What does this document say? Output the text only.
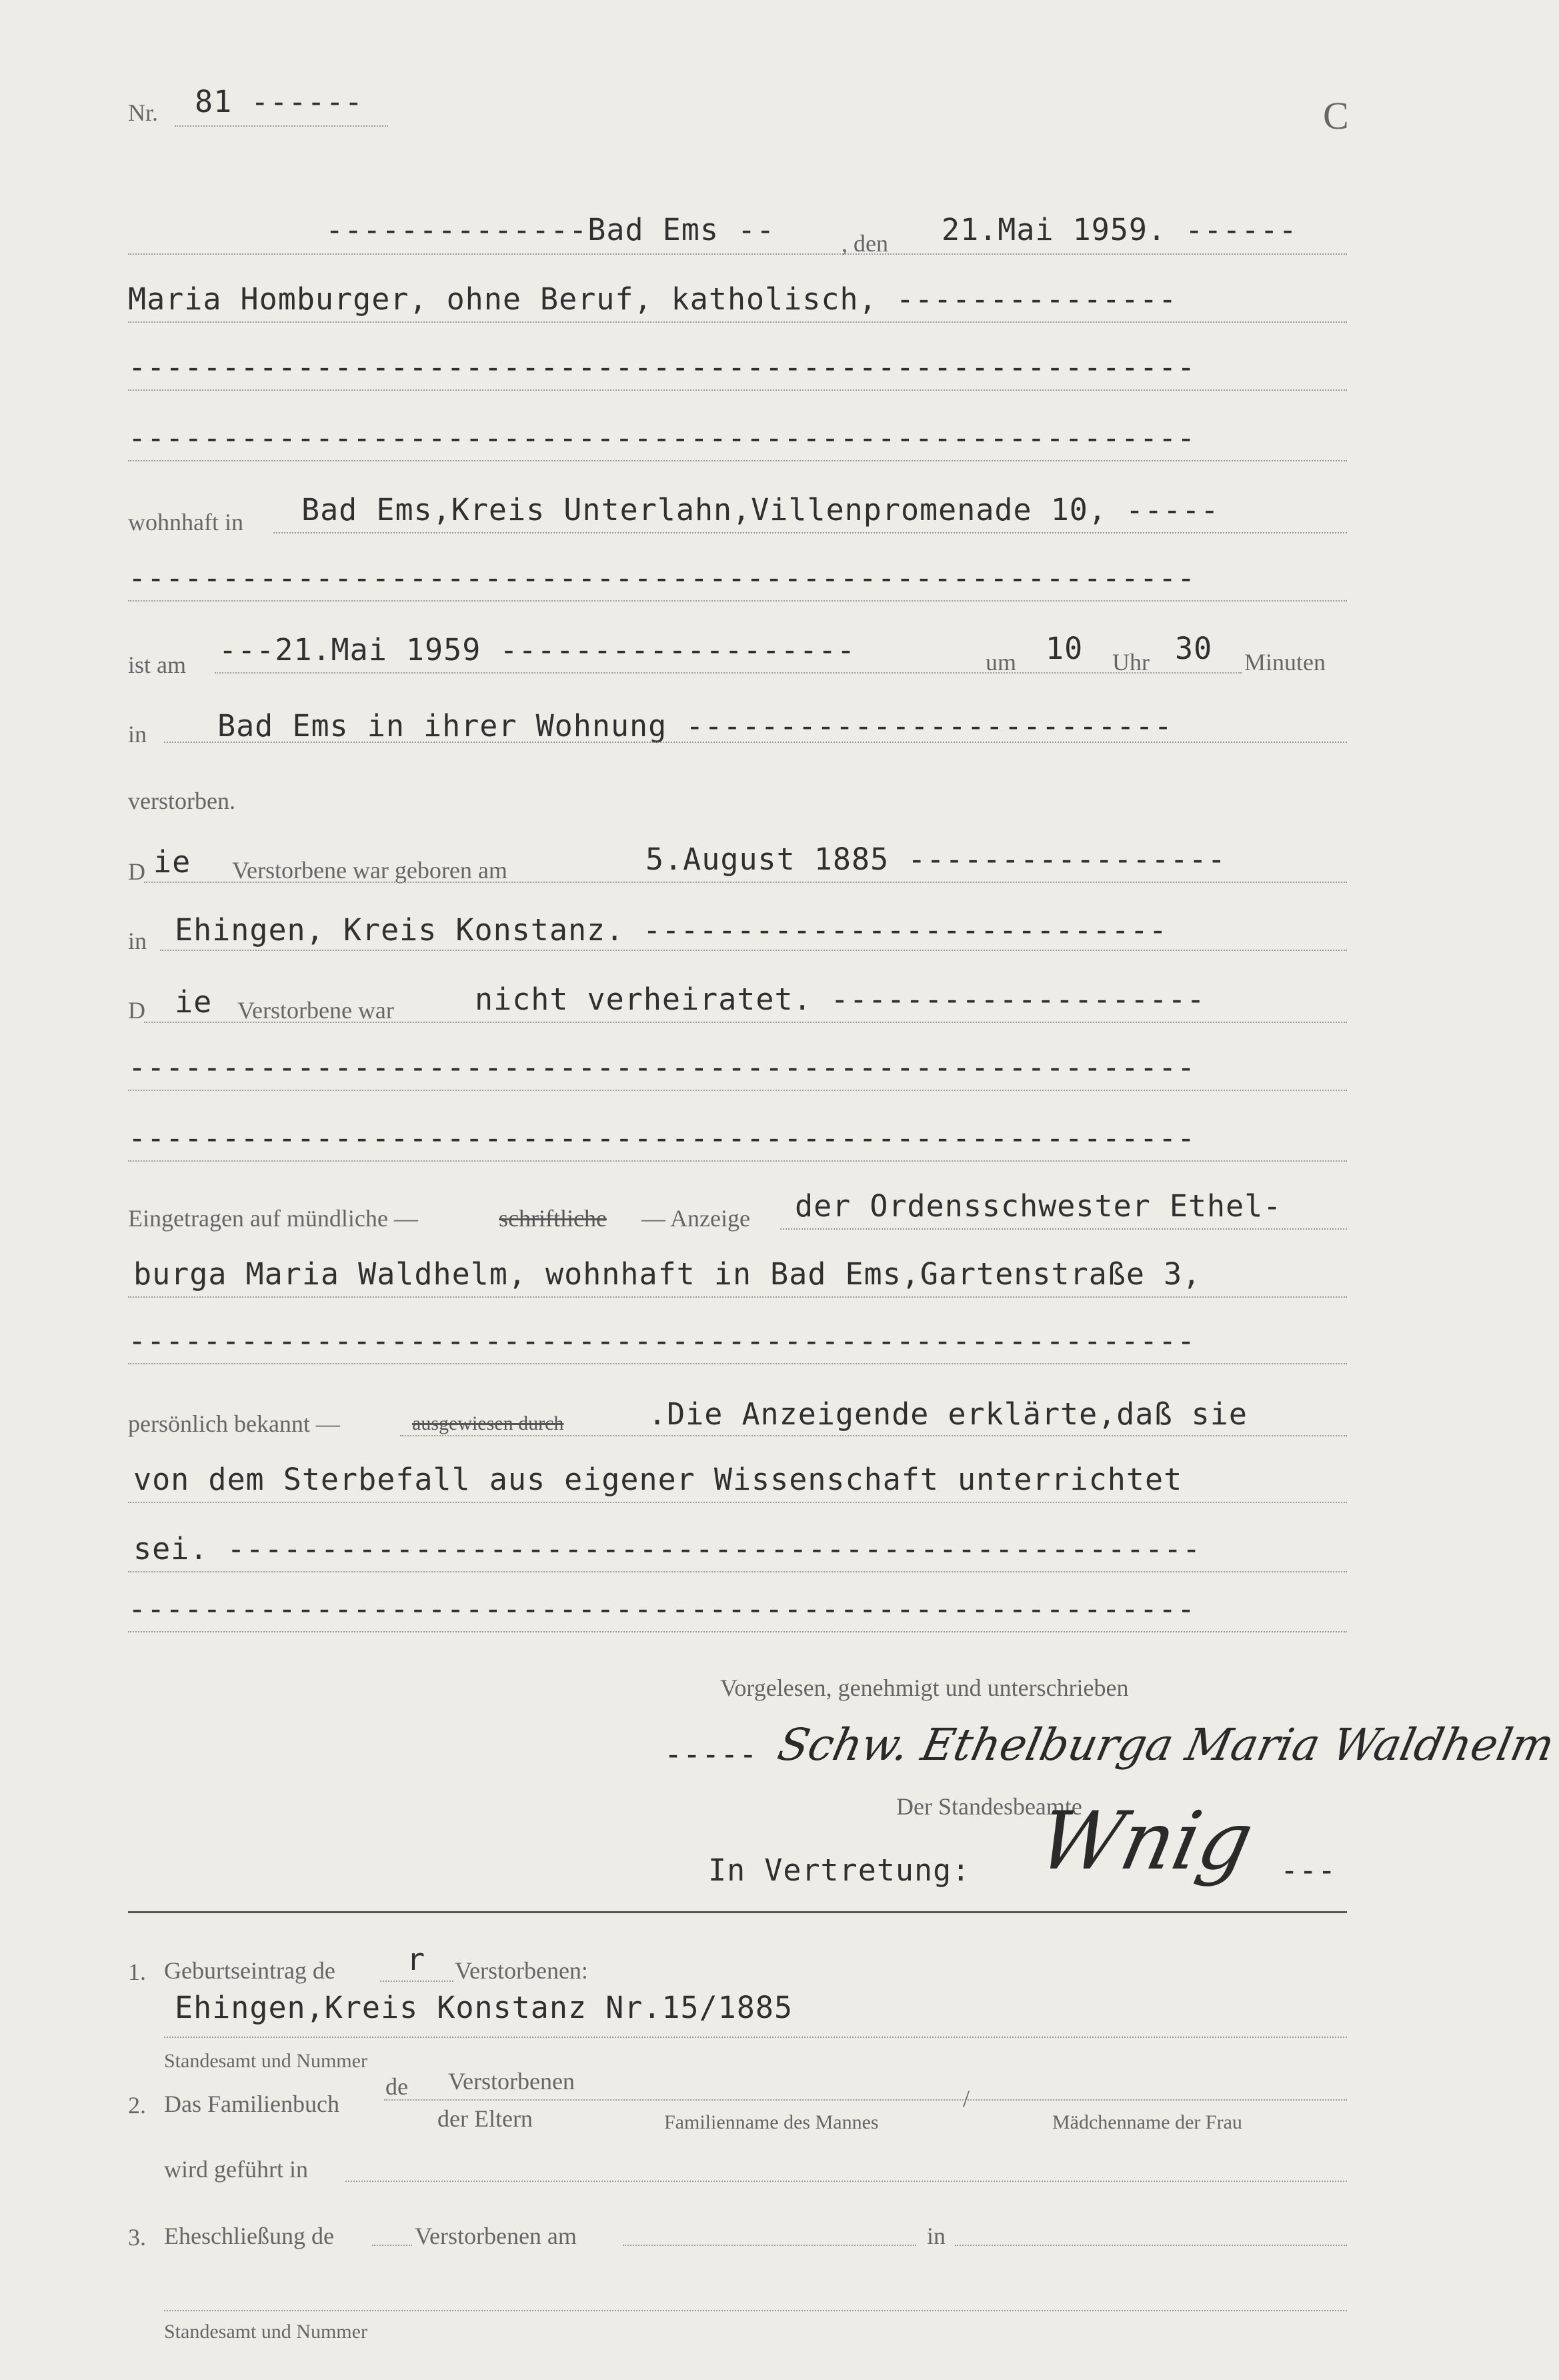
Nr. 81 ------	C
--------------Bad Ems --	, den 21.Mai 1959. ------
Maria Homburger, ohne Beruf, katholisch, ---------------
---------------------------------------------------------
---------------------------------------------------------
wohnhaft in Bad Ems,Kreis Unterlahn,Villenpromenade 10, -----
---------------------------------------------------------
ist am ---21.Mai 1959 -------------------	um 10 Uhr 30 Minuten
in Bad Ems in ihrer Wohnung --------------------------
verstorben.
D ie Verstorbene war geboren am	5.August 1885 -----------------
in Ehingen, Kreis Konstanz. ----------------------------
D ie Verstorbene war	nicht verheiratet. --------------------
---------------------------------------------------------
---------------------------------------------------------
Eingetragen auf mündliche —	schriftliche — Anzeige der Ordensschwester Ethel-
burga Maria Waldhelm, wohnhaft in Bad Ems,Gartenstraße 3,
---------------------------------------------------------
persönlich bekannt —	ausgewiesen durch	.Die Anzeigende erklärte,daß sie
von dem Sterbefall aus eigener Wissenschaft unterrichtet
sei. ----------------------------------------------------
---------------------------------------------------------
Vorgelesen, genehmigt und unterschrieben
----- Schw. Ethelburga Maria Waldhelm
Der Standesbeamte
In Vertretung: Wnig ---
1. Geburtseintrag de r Verstorbenen:
Ehingen,Kreis Konstanz Nr.15/1885
Standesamt und Nummer
2. Das Familienbuch
de Verstorbenen
der Eltern
/
Familienname des Mannes	Mädchenname der Frau
wird geführt in
3. Eheschließung de	Verstorbenen am	in
Standesamt und Nummer
